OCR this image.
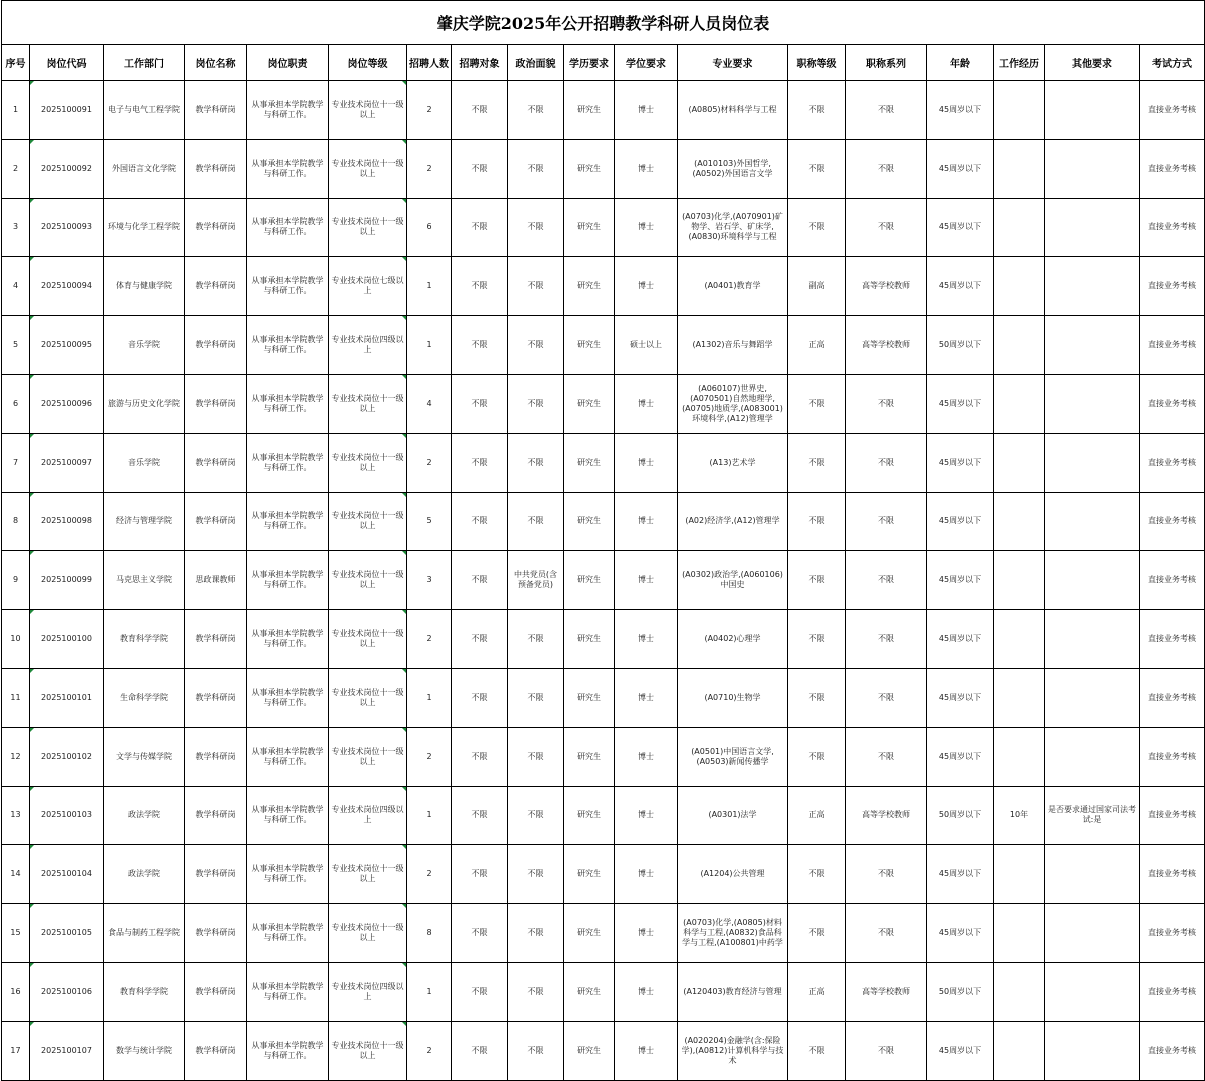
肇庆学院2025年公开招聘教学科研人员岗位表																	
序号	岗位代码	工作部门	岗位名称	岗位职责	岗位等级	招聘人数	招聘对象	政治面貌	学历要求	学位要求	专业要求	职称等级	职称系列	年龄	工作经历	其他要求	考试方式
1	2025100091	电子与电气工程学院	教学科研岗	从事承担本学院教学与科研工作。	专业技术岗位十一级以上	2	不限	不限	研究生	博士	(A0805)材料科学与工程	不限	不限	45周岁以下			直接业务考核
2	2025100092	外国语言文化学院	教学科研岗	从事承担本学院教学与科研工作。	专业技术岗位十一级以上	2	不限	不限	研究生	博士	(A010103)外国哲学,(A0502)外国语言文学	不限	不限	45周岁以下			直接业务考核
3	2025100093	环境与化学工程学院	教学科研岗	从事承担本学院教学与科研工作。	专业技术岗位十一级以上	6	不限	不限	研究生	博士	(A0703)化学,(A070901)矿物学、岩石学、矿床学,(A0830)环境科学与工程	不限	不限	45周岁以下			直接业务考核
4	2025100094	体育与健康学院	教学科研岗	从事承担本学院教学与科研工作。	专业技术岗位七级以上	1	不限	不限	研究生	博士	(A0401)教育学	副高	高等学校教师	45周岁以下			直接业务考核
5	2025100095	音乐学院	教学科研岗	从事承担本学院教学与科研工作。	专业技术岗位四级以上	1	不限	不限	研究生	硕士以上	(A1302)音乐与舞蹈学	正高	高等学校教师	50周岁以下			直接业务考核
6	2025100096	旅游与历史文化学院	教学科研岗	从事承担本学院教学与科研工作。	专业技术岗位十一级以上	4	不限	不限	研究生	博士	(A060107)世界史,(A070501)自然地理学,(A0705)地质学,(A083001)环境科学,(A12)管理学	不限	不限	45周岁以下			直接业务考核
7	2025100097	音乐学院	教学科研岗	从事承担本学院教学与科研工作。	专业技术岗位十一级以上	2	不限	不限	研究生	博士	(A13)艺术学	不限	不限	45周岁以下			直接业务考核
8	2025100098	经济与管理学院	教学科研岗	从事承担本学院教学与科研工作。	专业技术岗位十一级以上	5	不限	不限	研究生	博士	(A02)经济学,(A12)管理学	不限	不限	45周岁以下			直接业务考核
9	2025100099	马克思主义学院	思政课教师	从事承担本学院教学与科研工作。	专业技术岗位十一级以上	3	不限	中共党员(含预备党员)	研究生	博士	(A0302)政治学,(A060106)中国史	不限	不限	45周岁以下			直接业务考核
10	2025100100	教育科学学院	教学科研岗	从事承担本学院教学与科研工作。	专业技术岗位十一级以上	2	不限	不限	研究生	博士	(A0402)心理学	不限	不限	45周岁以下			直接业务考核
11	2025100101	生命科学学院	教学科研岗	从事承担本学院教学与科研工作。	专业技术岗位十一级以上	1	不限	不限	研究生	博士	(A0710)生物学	不限	不限	45周岁以下			直接业务考核
12	2025100102	文学与传媒学院	教学科研岗	从事承担本学院教学与科研工作。	专业技术岗位十一级以上	2	不限	不限	研究生	博士	(A0501)中国语言文学,(A0503)新闻传播学	不限	不限	45周岁以下			直接业务考核
13	2025100103	政法学院	教学科研岗	从事承担本学院教学与科研工作。	专业技术岗位四级以上	1	不限	不限	研究生	博士	(A0301)法学	正高	高等学校教师	50周岁以下	10年	是否要求通过国家司法考试:是	直接业务考核
14	2025100104	政法学院	教学科研岗	从事承担本学院教学与科研工作。	专业技术岗位十一级以上	2	不限	不限	研究生	博士	(A1204)公共管理	不限	不限	45周岁以下			直接业务考核
15	2025100105	食品与制药工程学院	教学科研岗	从事承担本学院教学与科研工作。	专业技术岗位十一级以上	8	不限	不限	研究生	博士	(A0703)化学,(A0805)材料科学与工程,(A0832)食品科学与工程,(A100801)中药学	不限	不限	45周岁以下			直接业务考核
16	2025100106	教育科学学院	教学科研岗	从事承担本学院教学与科研工作。	专业技术岗位四级以上	1	不限	不限	研究生	博士	(A120403)教育经济与管理	正高	高等学校教师	50周岁以下			直接业务考核
17	2025100107	数学与统计学院	教学科研岗	从事承担本学院教学与科研工作。	专业技术岗位十一级以上	2	不限	不限	研究生	博士	(A020204)金融学(含:保险学),(A0812)计算机科学与技术	不限	不限	45周岁以下			直接业务考核
